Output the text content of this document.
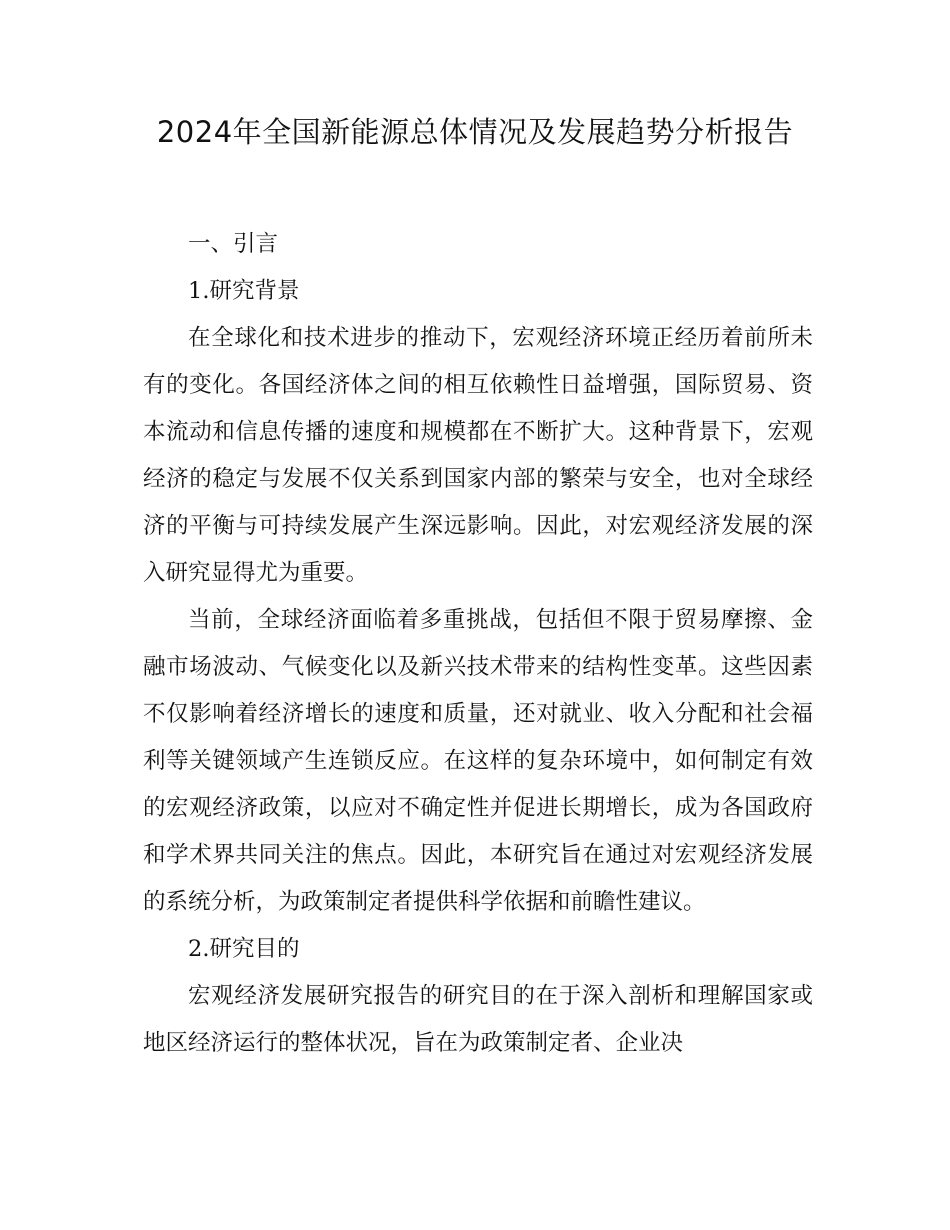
2024年全国新能源总体情况及发展趋势分析报告

一、引言

1.研究背景

在全球化和技术进步的推动下，宏观经济环境正经历着前所未有的变化。各国经济体之间的相互依赖性日益增强，国际贸易、资本流动和信息传播的速度和规模都在不断扩大。这种背景下，宏观经济的稳定与发展不仅关系到国家内部的繁荣与安全，也对全球经济的平衡与可持续发展产生深远影响。因此，对宏观经济发展的深入研究显得尤为重要。

当前，全球经济面临着多重挑战，包括但不限于贸易摩擦、金融市场波动、气候变化以及新兴技术带来的结构性变革。这些因素不仅影响着经济增长的速度和质量，还对就业、收入分配和社会福利等关键领域产生连锁反应。在这样的复杂环境中，如何制定有效的宏观经济政策，以应对不确定性并促进长期增长，成为各国政府和学术界共同关注的焦点。因此，本研究旨在通过对宏观经济发展的系统分析，为政策制定者提供科学依据和前瞻性建议。

2.研究目的

宏观经济发展研究报告的研究目的在于深入剖析和理解国家或地区经济运行的整体状况，旨在为政策制定者、企业决
